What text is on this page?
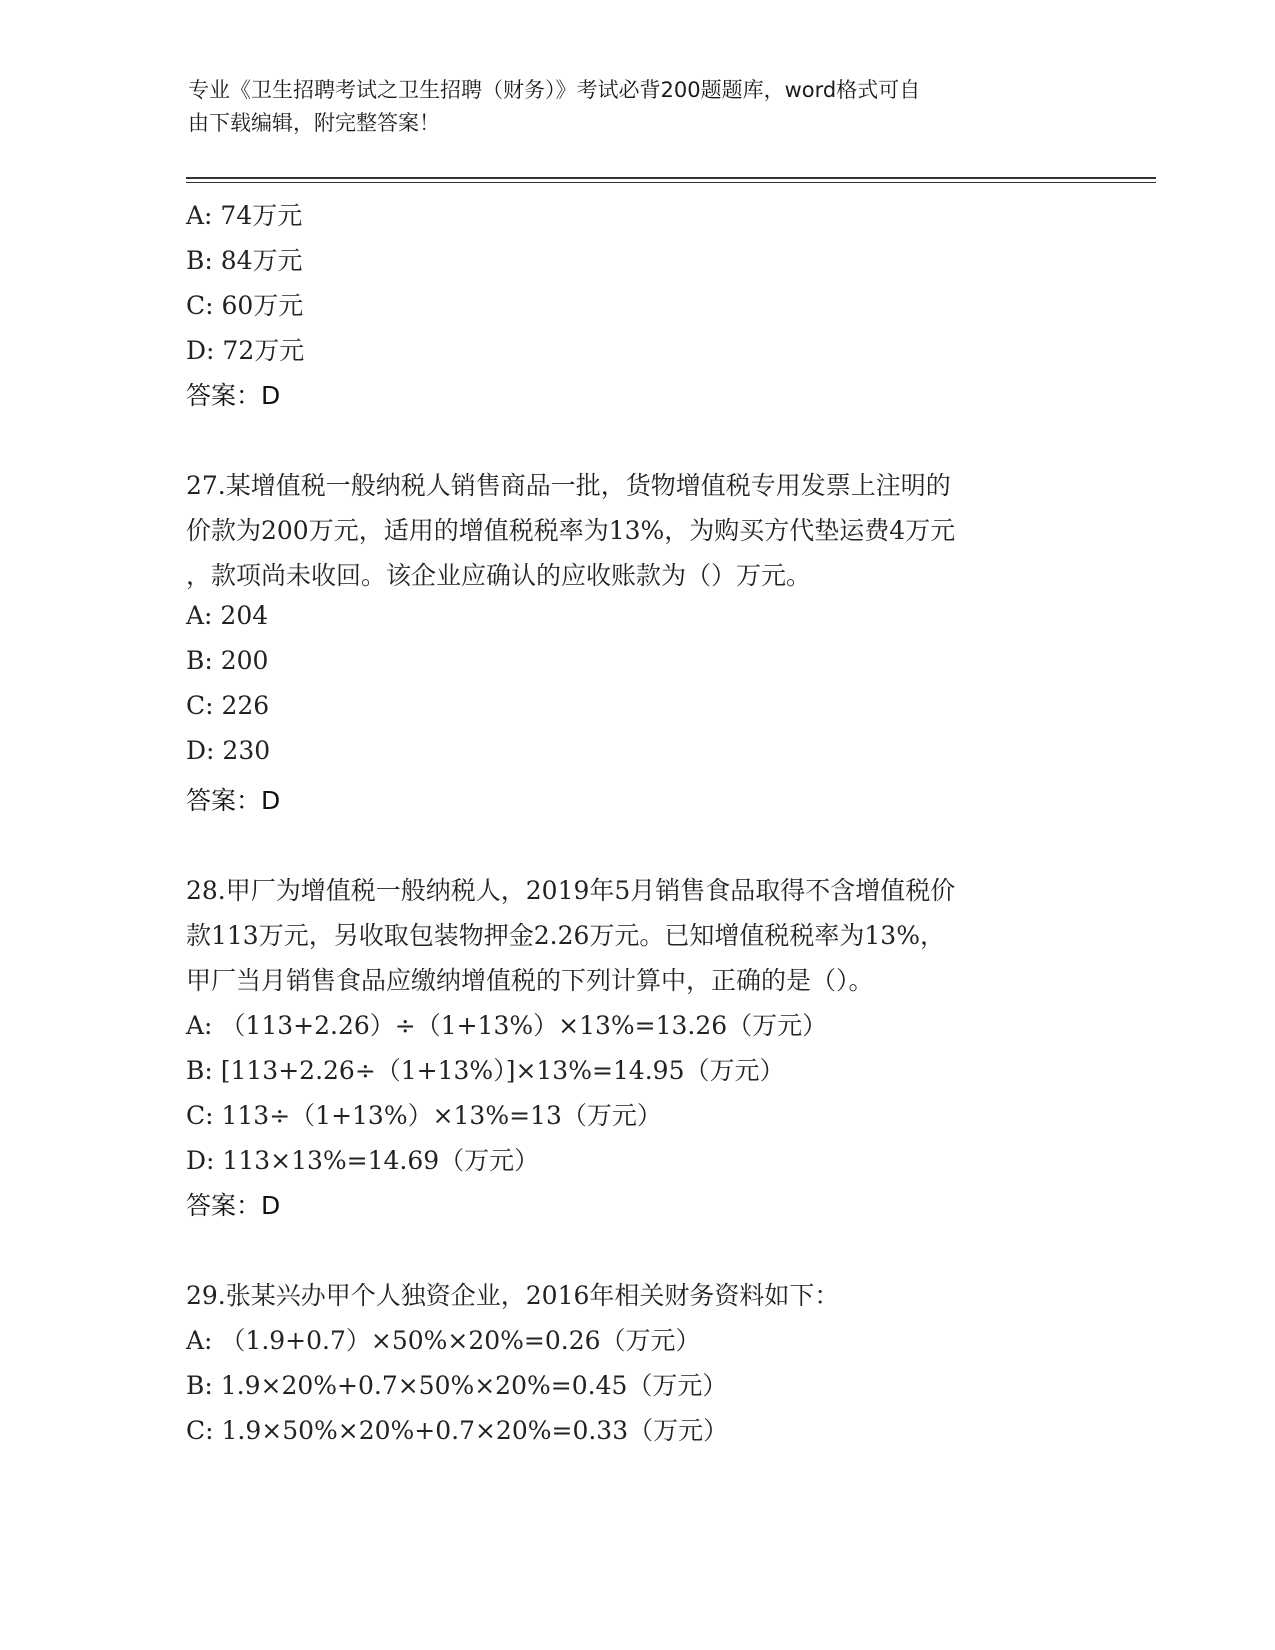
专业《卫生招聘考试之卫生招聘（财务）》考试必背200题题库，word格式可自
由下载编辑，附完整答案！
A: 74万元
B: 84万元
C: 60万元
D: 72万元
答案：D
27.某增值税一般纳税人销售商品一批，货物增值税专用发票上注明的
价款为200万元，适用的增值税税率为13%，为购买方代垫运费4万元
，款项尚未收回。该企业应确认的应收账款为（）万元。
A: 204
B: 200
C: 226
D: 230
答案：D
28.甲厂为增值税一般纳税人，2019年5月销售食品取得不含增值税价
款113万元，另收取包装物押金2.26万元。已知增值税税率为13%，
甲厂当月销售食品应缴纳增值税的下列计算中，正确的是（）。
A: （113+2.26）÷（1+13%）×13%=13.26（万元）
B: [113+2.26÷（1+13%）]×13%=14.95（万元）
C: 113÷（1+13%）×13%=13（万元）
D: 113×13%=14.69（万元）
答案：D
29.张某兴办甲个人独资企业，2016年相关财务资料如下：
A: （1.9+0.7）×50%×20%=0.26（万元）
B: 1.9×20%+0.7×50%×20%=0.45（万元）
C: 1.9×50%×20%+0.7×20%=0.33（万元）
